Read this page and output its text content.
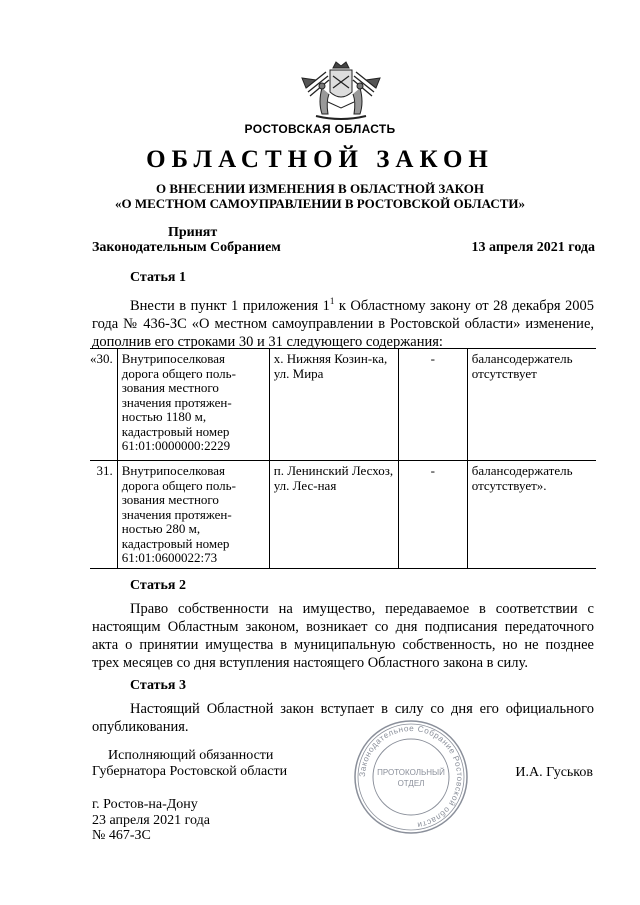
РОСТОВСКАЯ ОБЛАСТЬ
ОБЛАСТНОЙ ЗАКОН
О ВНЕСЕНИИ ИЗМЕНЕНИЯ В ОБЛАСТНОЙ ЗАКОН
«О МЕСТНОМ САМОУПРАВЛЕНИИ В РОСТОВСКОЙ ОБЛАСТИ»
Принят
Законодательным Собранием	13 апреля 2021 года
Статья 1
Внести в пункт 1 приложения $1^1$ к Областному закону от 28 декабря 2005 года № 436-ЗС «О местном самоуправлении в Ростовской области» изменение, дополнив его строками 30 и 31 следующего содержания:
«30.	Внутрипоселковая дорога общего поль-зования местного значения протяжен-ностью 1180 м, кадастровый номер 61:01:0000000:2229	х. Нижняя Козин-ка, ул. Мира	-	балансодержатель отсутствует
31.	Внутрипоселковая дорога общего поль-зования местного значения протяжен-ностью 280 м, кадастровый номер 61:01:0600022:73	п. Ленинский Лесхоз, ул. Лес-ная	-	балансодержатель отсутствует».
Статья 2
Право собственности на имущество, передаваемое в соответствии с настоящим Областным законом, возникает со дня подписания передаточного акта о принятии имущества в муниципальную собственность, но не позднее трех месяцев со дня вступления настоящего Областного закона в силу.
Статья 3
Настоящий Областной закон вступает в силу со дня его официального опубликования.
Исполняющий обязанности
Губернатора Ростовской области	И.А. Гуськов
Законодательное Собрание Ростовской области
ПРОТОКОЛЬНЫЙ
ОТДЕЛ
г. Ростов-на-Дону
23 апреля 2021 года
№ 467-ЗС
